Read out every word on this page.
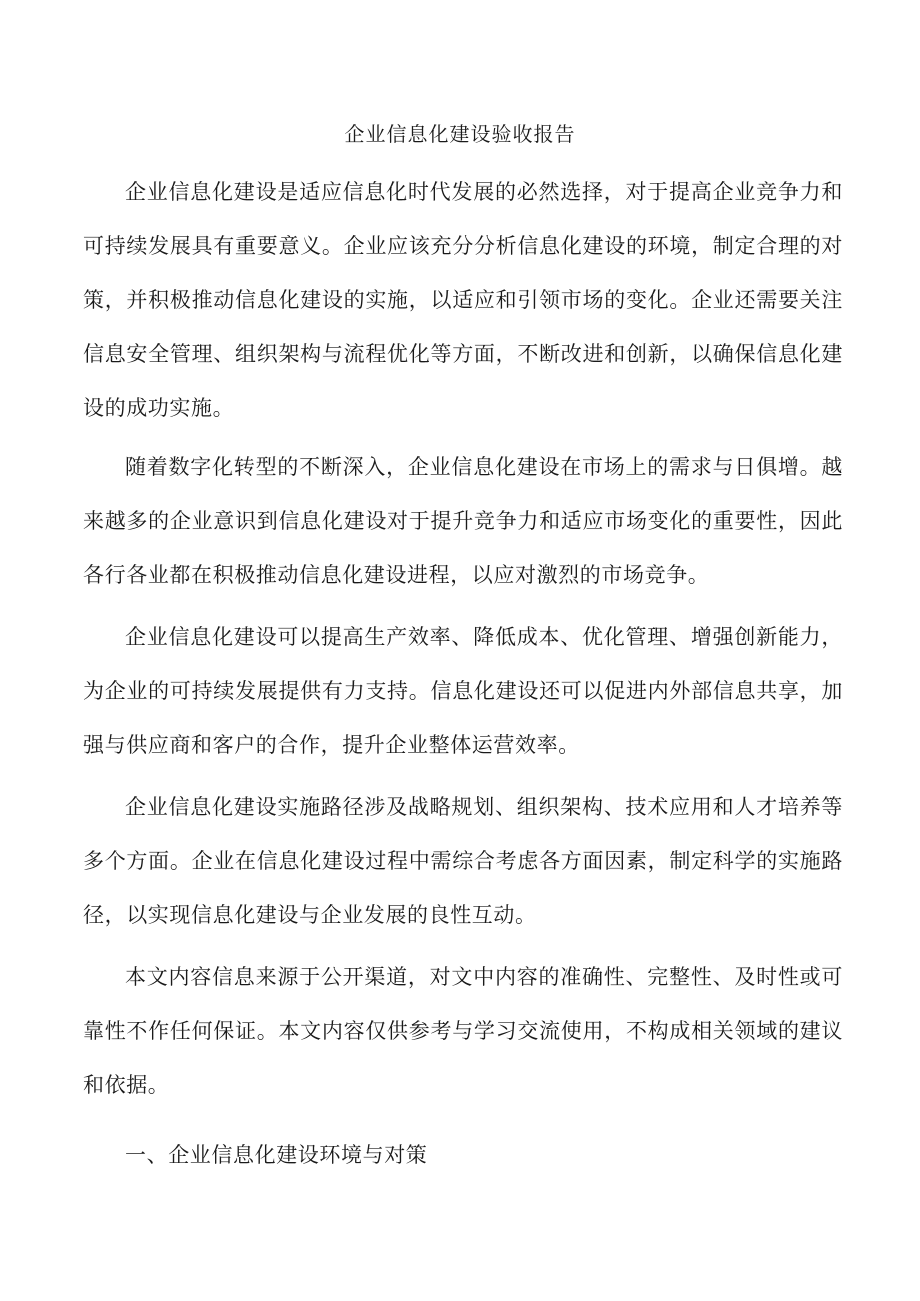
企业信息化建设验收报告

企业信息化建设是适应信息化时代发展的必然选择，对于提高企业竞争力和可持续发展具有重要意义。企业应该充分分析信息化建设的环境，制定合理的对策，并积极推动信息化建设的实施，以适应和引领市场的变化。企业还需要关注信息安全管理、组织架构与流程优化等方面，不断改进和创新，以确保信息化建设的成功实施。

随着数字化转型的不断深入，企业信息化建设在市场上的需求与日俱增。越来越多的企业意识到信息化建设对于提升竞争力和适应市场变化的重要性，因此各行各业都在积极推动信息化建设进程，以应对激烈的市场竞争。

企业信息化建设可以提高生产效率、降低成本、优化管理、增强创新能力，为企业的可持续发展提供有力支持。信息化建设还可以促进内外部信息共享，加强与供应商和客户的合作，提升企业整体运营效率。

企业信息化建设实施路径涉及战略规划、组织架构、技术应用和人才培养等多个方面。企业在信息化建设过程中需综合考虑各方面因素，制定科学的实施路径，以实现信息化建设与企业发展的良性互动。

本文内容信息来源于公开渠道，对文中内容的准确性、完整性、及时性或可靠性不作任何保证。本文内容仅供参考与学习交流使用，不构成相关领域的建议和依据。

一、企业信息化建设环境与对策
